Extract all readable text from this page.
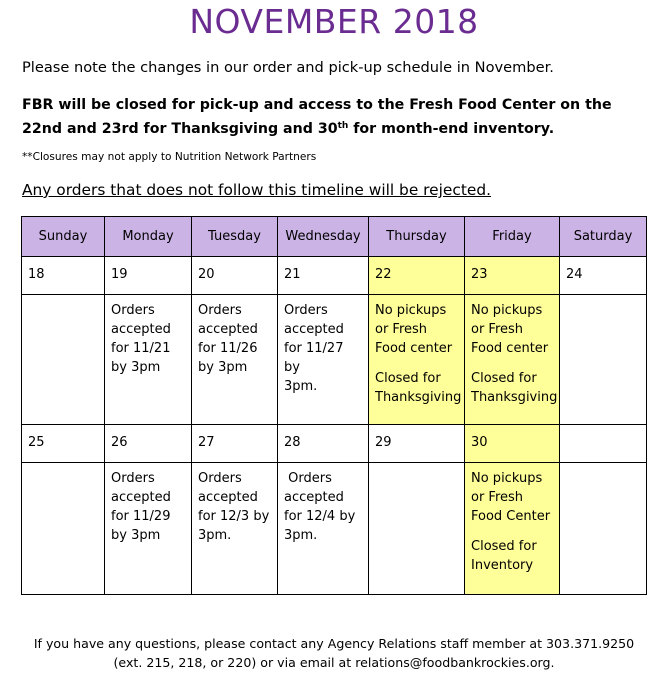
NOVEMBER 2018
Please note the changes in our order and pick-up schedule in November.
FBR will be closed for pick-up and access to the Fresh Food Center on the 22nd and 23rd for Thanksgiving and 30th for month-end inventory.
**Closures may not apply to Nutrition Network Partners
Any orders that does not follow this timeline will be rejected.
Sunday	Monday	Tuesday	Wednesday	Thursday	Friday	Saturday
18	19	20	21	22	23	24

	Orders
accepted
for 11/21
by 3pm	Orders
accepted
for 11/26
by 3pm	Orders
accepted
for 11/27 by
3pm.	No pickups
or Fresh
Food center
Closed for
Thanksgiving	No pickups
or Fresh
Food center
Closed for
Thanksgiving	

25	26	27	28	29	30	

	Orders
accepted
for 11/29
by 3pm	Orders
accepted
for 12/3 by
3pm.	Orders
accepted
for 12/4 by
3pm.		No pickups
or Fresh
Food Center
Closed for
Inventory	

If you have any questions, please contact any Agency Relations staff member at 303.371.9250
(ext. 215, 218, or 220) or via email at relations@foodbankrockies.org.
